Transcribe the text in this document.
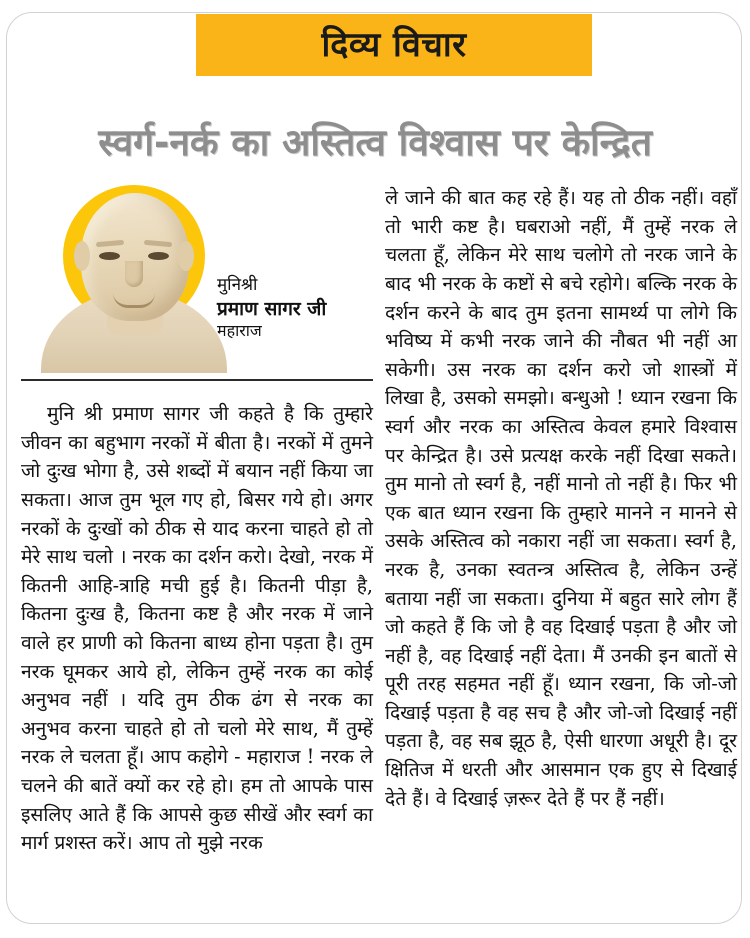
दिव्य विचार
स्वर्ग-नर्क का अस्तित्व विश्वास पर केन्द्रित
मुनिश्री
प्रमाण सागर जी
महाराज

मुनि श्री प्रमाण सागर जी कहते है कि तुम्हारे जीवन का बहुभाग नरकों में बीता है। नरकों में तुमने जो दुःख भोगा है, उसे शब्दों में बयान नहीं किया जा सकता। आज तुम भूल गए हो, बिसर गये हो। अगर नरकों के दुःखों को ठीक से याद करना चाहते हो तो मेरे साथ चलो । नरक का दर्शन करो। देखो, नरक में कितनी आहि-त्राहि मची हुई है। कितनी पीड़ा है, कितना दुःख है, कितना कष्ट है और नरक में जाने वाले हर प्राणी को कितना बाध्य होना पड़ता है। तुम नरक घूमकर आये हो, लेकिन तुम्हें नरक का कोई अनुभव नहीं । यदि तुम ठीक ढंग से नरक का अनुभव करना चाहते हो तो चलो मेरे साथ, मैं तुम्हें नरक ले चलता हूँ। आप कहोगे - महाराज ! नरक ले चलने की बातें क्यों कर रहे हो। हम तो आपके पास इसलिए आते हैं कि आपसे कुछ सीखें और स्वर्ग का मार्ग प्रशस्त करें। आप तो मुझे नरक

ले जाने की बात कह रहे हैं। यह तो ठीक नहीं। वहाँ तो भारी कष्ट है। घबराओ नहीं, मैं तुम्हें नरक ले चलता हूँ, लेकिन मेरे साथ चलोगे तो नरक जाने के बाद भी नरक के कष्टों से बचे रहोगे। बल्कि नरक के दर्शन करने के बाद तुम इतना सामर्थ्य पा लोगे कि भविष्य में कभी नरक जाने की नौबत भी नहीं आ सकेगी। उस नरक का दर्शन करो जो शास्त्रों में लिखा है, उसको समझो। बन्धुओ ! ध्यान रखना कि स्वर्ग और नरक का अस्तित्व केवल हमारे विश्वास पर केन्द्रित है। उसे प्रत्यक्ष करके नहीं दिखा सकते। तुम मानो तो स्वर्ग है, नहीं मानो तो नहीं है। फिर भी एक बात ध्यान रखना कि तुम्हारे मानने न मानने से उसके अस्तित्व को नकारा नहीं जा सकता। स्वर्ग है, नरक है, उनका स्वतन्त्र अस्तित्व है, लेकिन उन्हें बताया नहीं जा सकता। दुनिया में बहुत सारे लोग हैं जो कहते हैं कि जो है वह दिखाई पड़ता है और जो नहीं है, वह दिखाई नहीं देता। मैं उनकी इन बातों से पूरी तरह सहमत नहीं हूँ। ध्यान रखना, कि जो-जो दिखाई पड़ता है वह सच है और जो-जो दिखाई नहीं पड़ता है, वह सब झूठ है, ऐसी धारणा अधूरी है। दूर क्षितिज में धरती और आसमान एक हुए से दिखाई देते हैं। वे दिखाई ज़रूर देते हैं पर हैं नहीं।
